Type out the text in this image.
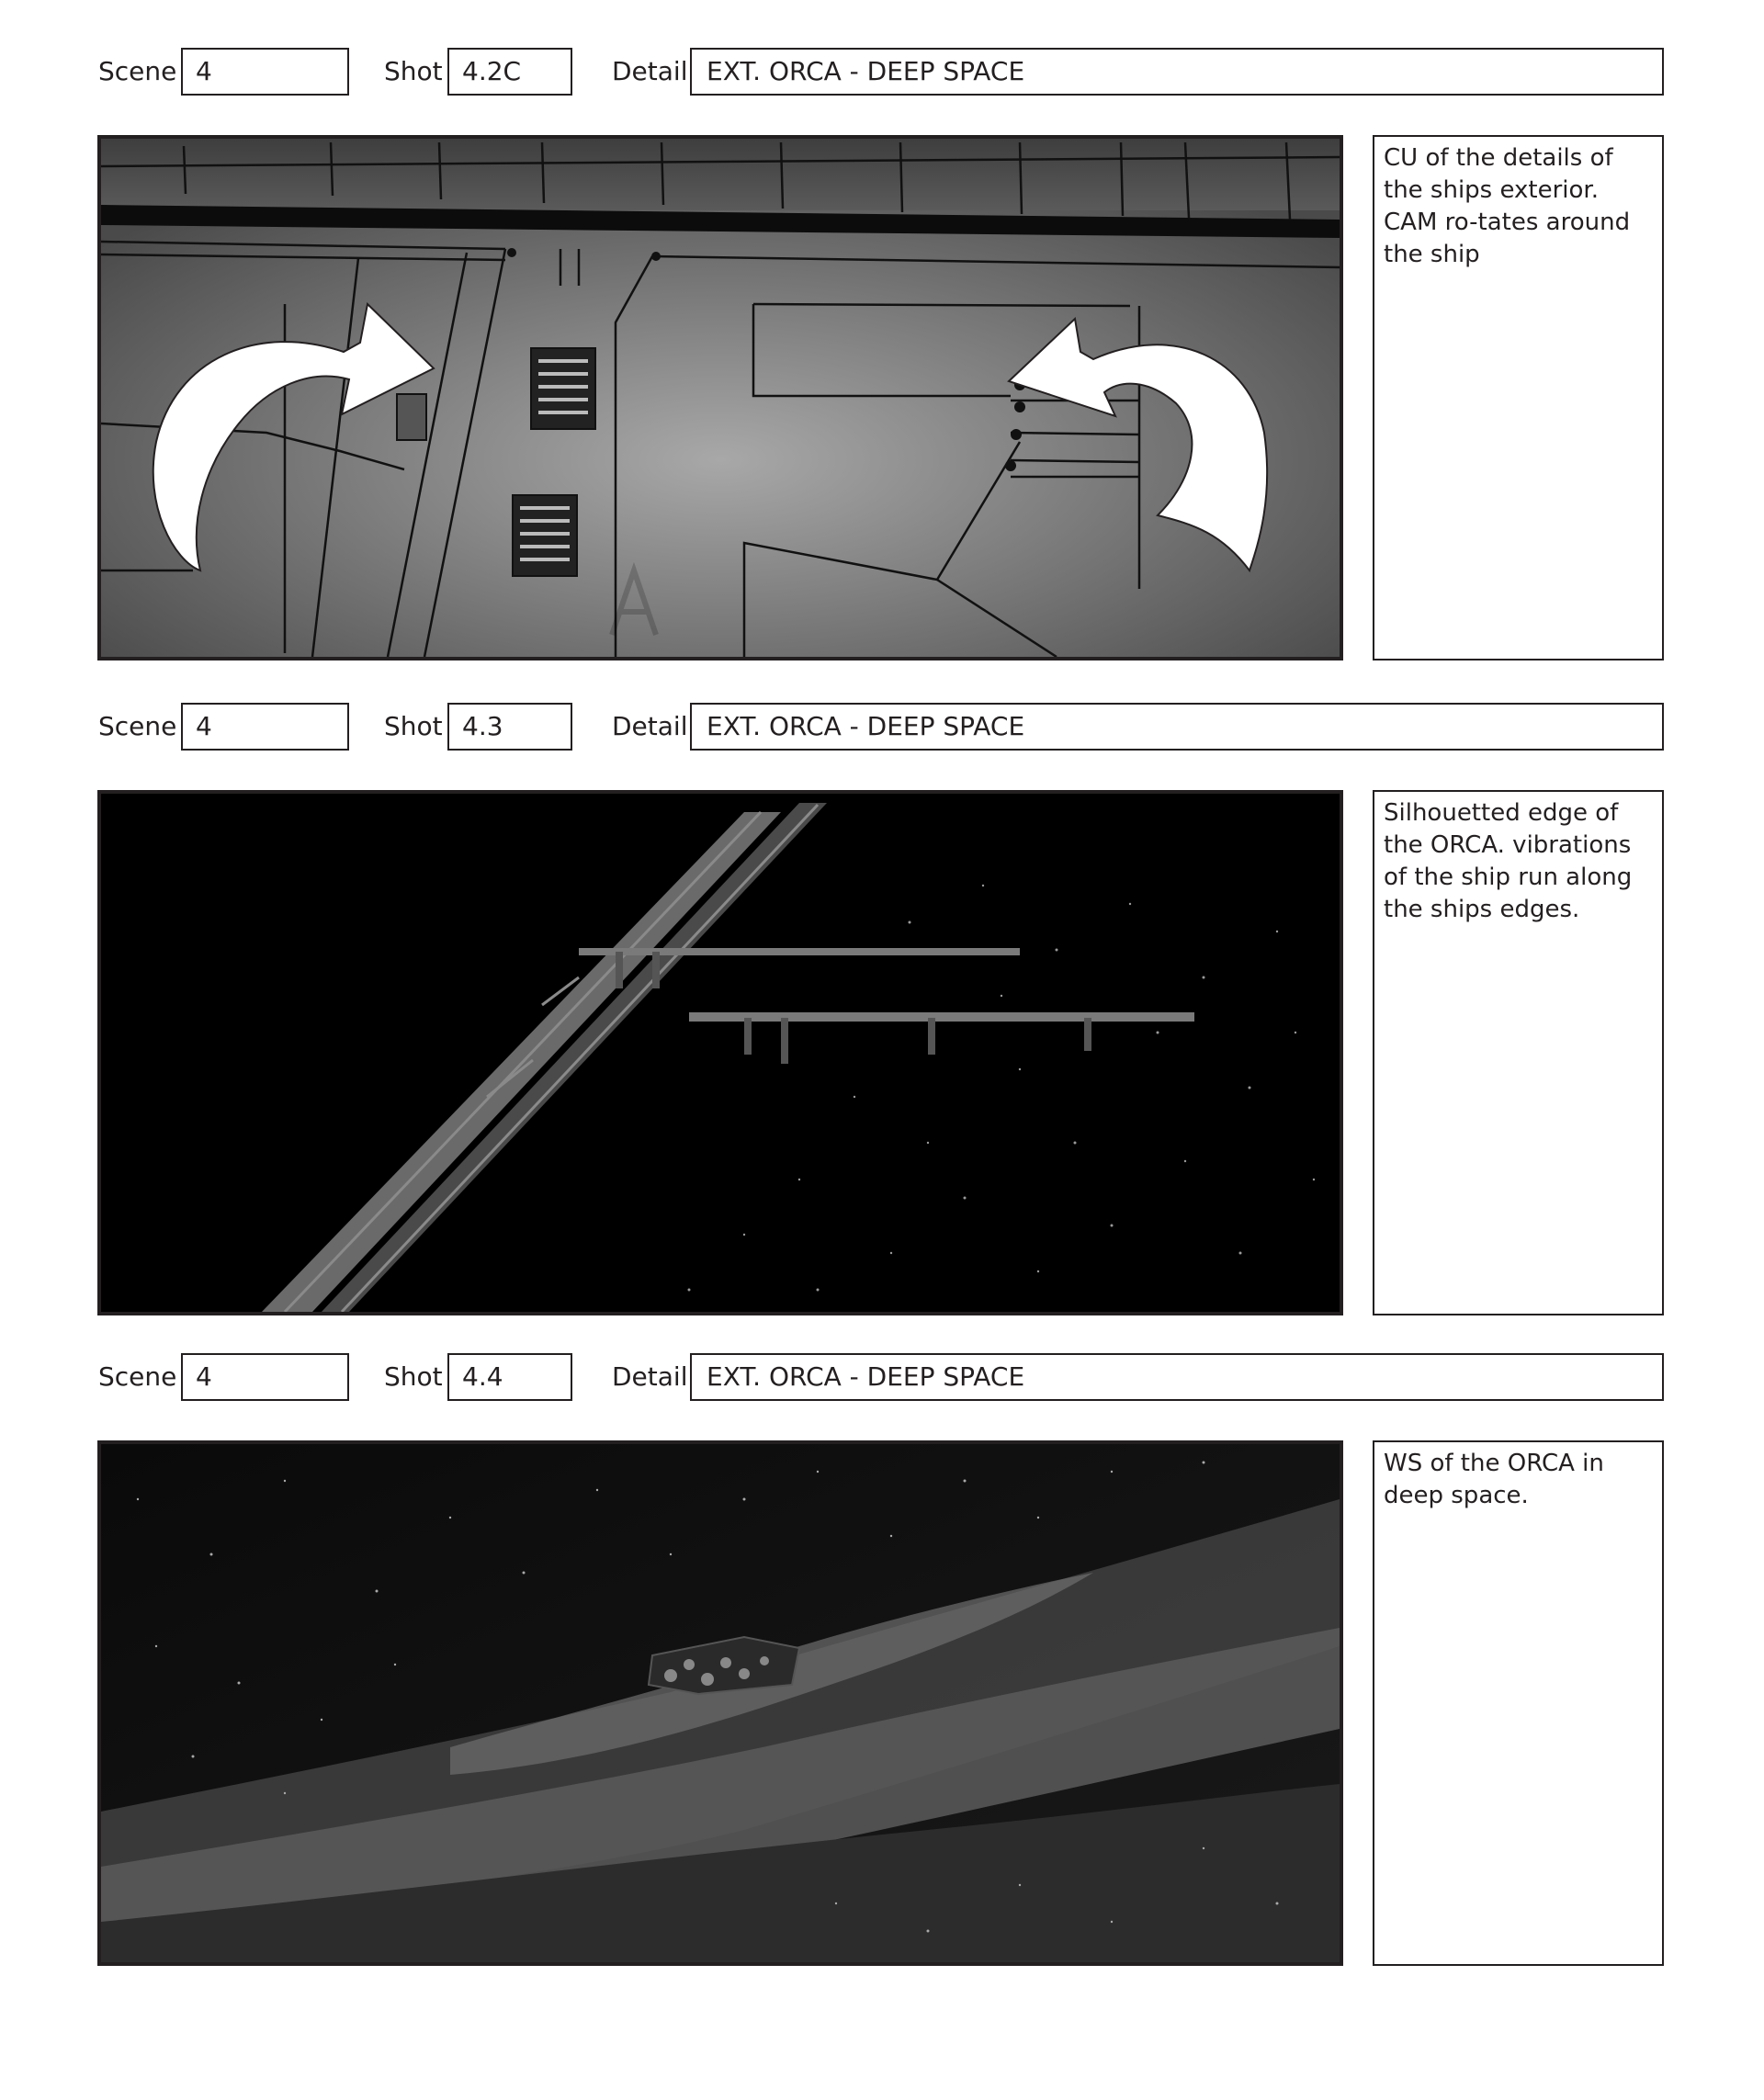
Scene 4	Shot 4.2C	Detail EXT. ORCA - DEEP SPACE
CU of the details of the ships exterior. CAM ro-tates around the ship
Scene 4	Shot 4.3	Detail EXT. ORCA - DEEP SPACE
Silhouetted edge of the ORCA. vibrations of the ship run along the ships edges.
Scene 4	Shot 4.4	Detail EXT. ORCA - DEEP SPACE
WS of the ORCA in deep space.
